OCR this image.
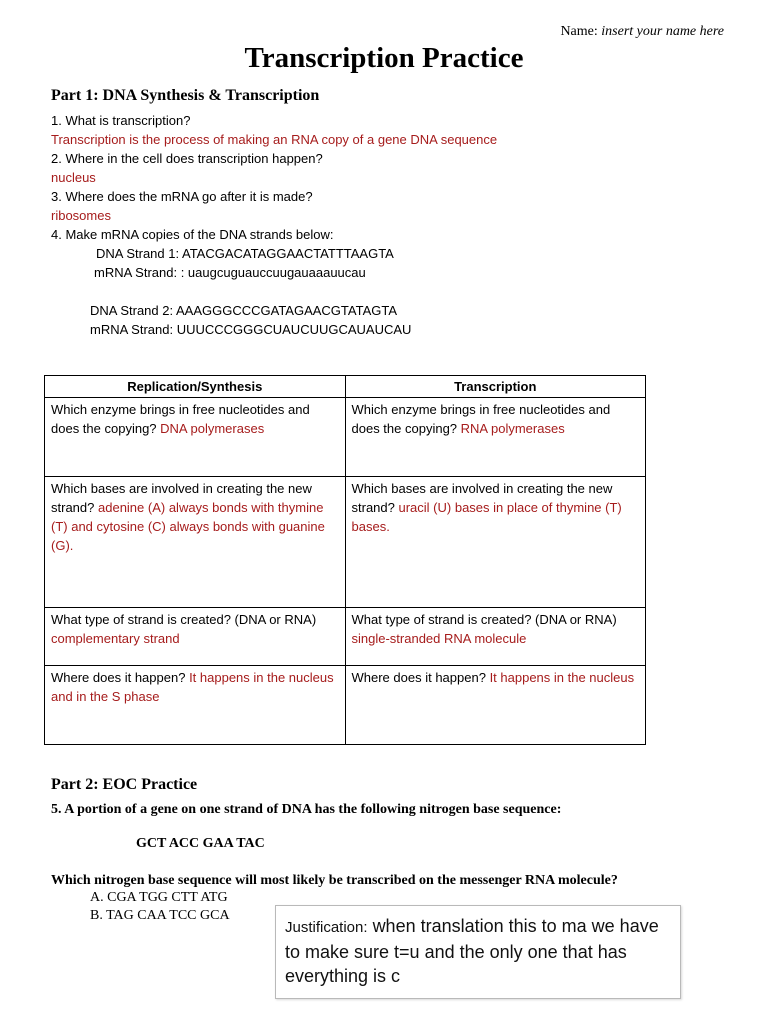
Name: insert your name here
Transcription Practice
Part 1: DNA Synthesis & Transcription
1. What is transcription?
Transcription is the process of making an RNA copy of a gene DNA sequence
2. Where in the cell does transcription happen?
nucleus
3. Where does the mRNA go after it is made?
ribosomes
4. Make mRNA copies of the DNA strands below:
DNA Strand 1: ATACGACATAGGAACTATTTAAGTA
mRNA Strand: : uaugcuguauccuugauaaauucau
DNA Strand 2: AAAGGGCCCGATAGAACGTATAGTA
mRNA Strand: UUUCCCGGGCUAUCUUGCAUAUCAU
Replication/Synthesis	Transcription
Which enzyme brings in free nucleotides and does the copying? DNA polymerases	Which enzyme brings in free nucleotides and does the copying? RNA polymerases
Which bases are involved in creating the new strand? adenine (A) always bonds with thymine (T) and cytosine (C) always bonds with guanine (G).	Which bases are involved in creating the new strand? uracil (U) bases in place of thymine (T) bases.
What type of strand is created? (DNA or RNA) complementary strand	What type of strand is created? (DNA or RNA) single-stranded RNA molecule
Where does it happen? It happens in the nucleus and in the S phase	Where does it happen? It happens in the nucleus
Part 2: EOC Practice
5. A portion of a gene on one strand of DNA has the following nitrogen base sequence:
GCT ACC GAA TAC
Which nitrogen base sequence will most likely be transcribed on the messenger RNA molecule?
A. CGA TGG CTT ATG
B. TAG CAA TCC GCA
Justification: when translation this to ma we have to make sure t=u and the only one that has everything is c
